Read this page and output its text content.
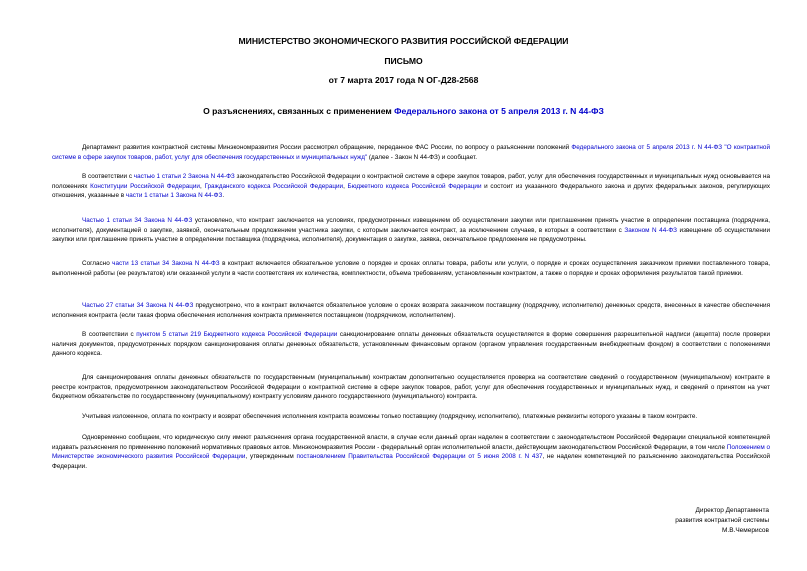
МИНИСТЕРСТВО ЭКОНОМИЧЕСКОГО РАЗВИТИЯ РОССИЙСКОЙ ФЕДЕРАЦИИ
ПИСЬМО
от 7 марта 2017 года N ОГ-Д28-2568
О разъяснениях, связанных с применением Федерального закона от 5 апреля 2013 г. N 44-ФЗ

Департамент развития контрактной системы Минэкономразвития России рассмотрел обращение, переданное ФАС России, по вопросу о разъяснении положений Федерального закона от 5 апреля 2013 г. N 44-ФЗ "О контрактной системе в сфере закупок товаров, работ, услуг для обеспечения государственных и муниципальных нужд" (далее - Закон N 44-ФЗ) и сообщает.

В соответствии с частью 1 статьи 2 Закона N 44-ФЗ законодательство Российской Федерации о контрактной системе в сфере закупок товаров, работ, услуг для обеспечения государственных и муниципальных нужд основывается на положениях Конституции Российской Федерации, Гражданского кодекса Российской Федерации, Бюджетного кодекса Российской Федерации и состоит из указанного Федерального закона и других федеральных законов, регулирующих отношения, указанные в части 1 статьи 1 Закона N 44-ФЗ.

Частью 1 статьи 34 Закона N 44-ФЗ установлено, что контракт заключается на условиях, предусмотренных извещением об осуществлении закупки или приглашением принять участие в определении поставщика (подрядчика, исполнителя), документацией о закупке, заявкой, окончательным предложением участника закупки, с которым заключается контракт, за исключением случаев, в которых в соответствии с Законом N 44-ФЗ извещение об осуществлении закупки или приглашение принять участие в определении поставщика (подрядчика, исполнителя), документация о закупке, заявка, окончательное предложение не предусмотрены.

Согласно части 13 статьи 34 Закона N 44-ФЗ в контракт включается обязательное условие о порядке и сроках оплаты товара, работы или услуги, о порядке и сроках осуществления заказчиком приемки поставленного товара, выполненной работы (ее результатов) или оказанной услуги в части соответствия их количества, комплектности, объема требованиям, установленным контрактом, а также о порядке и сроках оформления результатов такой приемки.

Частью 27 статьи 34 Закона N 44-ФЗ предусмотрено, что в контракт включается обязательное условие о сроках возврата заказчиком поставщику (подрядчику, исполнителю) денежных средств, внесенных в качестве обеспечения исполнения контракта (если такая форма обеспечения исполнения контракта применяется поставщиком (подрядчиком, исполнителем).

В соответствии с пунктом 5 статьи 219 Бюджетного кодекса Российской Федерации санкционирование оплаты денежных обязательств осуществляется в форме совершения разрешительной надписи (акцепта) после проверки наличия документов, предусмотренных порядком санкционирования оплаты денежных обязательств, установленным финансовым органом (органом управления государственным внебюджетным фондом) в соответствии с положениями данного кодекса.

Для санкционирования оплаты денежных обязательств по государственным (муниципальным) контрактам дополнительно осуществляется проверка на соответствие сведений о государственном (муниципальном) контракте в реестре контрактов, предусмотренном законодательством Российской Федерации о контрактной системе в сфере закупок товаров, работ, услуг для обеспечения государственных и муниципальных нужд, и сведений о принятом на учет бюджетном обязательстве по государственному (муниципальному) контракту условиям данного государственного (муниципального) контракта.

Учитывая изложенное, оплата по контракту и возврат обеспечения исполнения контракта возможны только поставщику (подрядчику, исполнителю), платежные реквизиты которого указаны в таком контракте.

Одновременно сообщаем, что юридическую силу имеют разъяснения органа государственной власти, в случае если данный орган наделен в соответствии с законодательством Российской Федерации специальной компетенцией издавать разъяснения по применению положений нормативных правовых актов. Минэкономразвития России - федеральный орган исполнительной власти, действующим законодательством Российской Федерации, в том числе Положением о Министерстве экономического развития Российской Федерации, утвержденным постановлением Правительства Российской Федерации от 5 июня 2008 г. N 437, не наделен компетенцией по разъяснению законодательства Российской Федерации.

Директор Департамента
развития контрактной системы
М.В.Чемерисов
